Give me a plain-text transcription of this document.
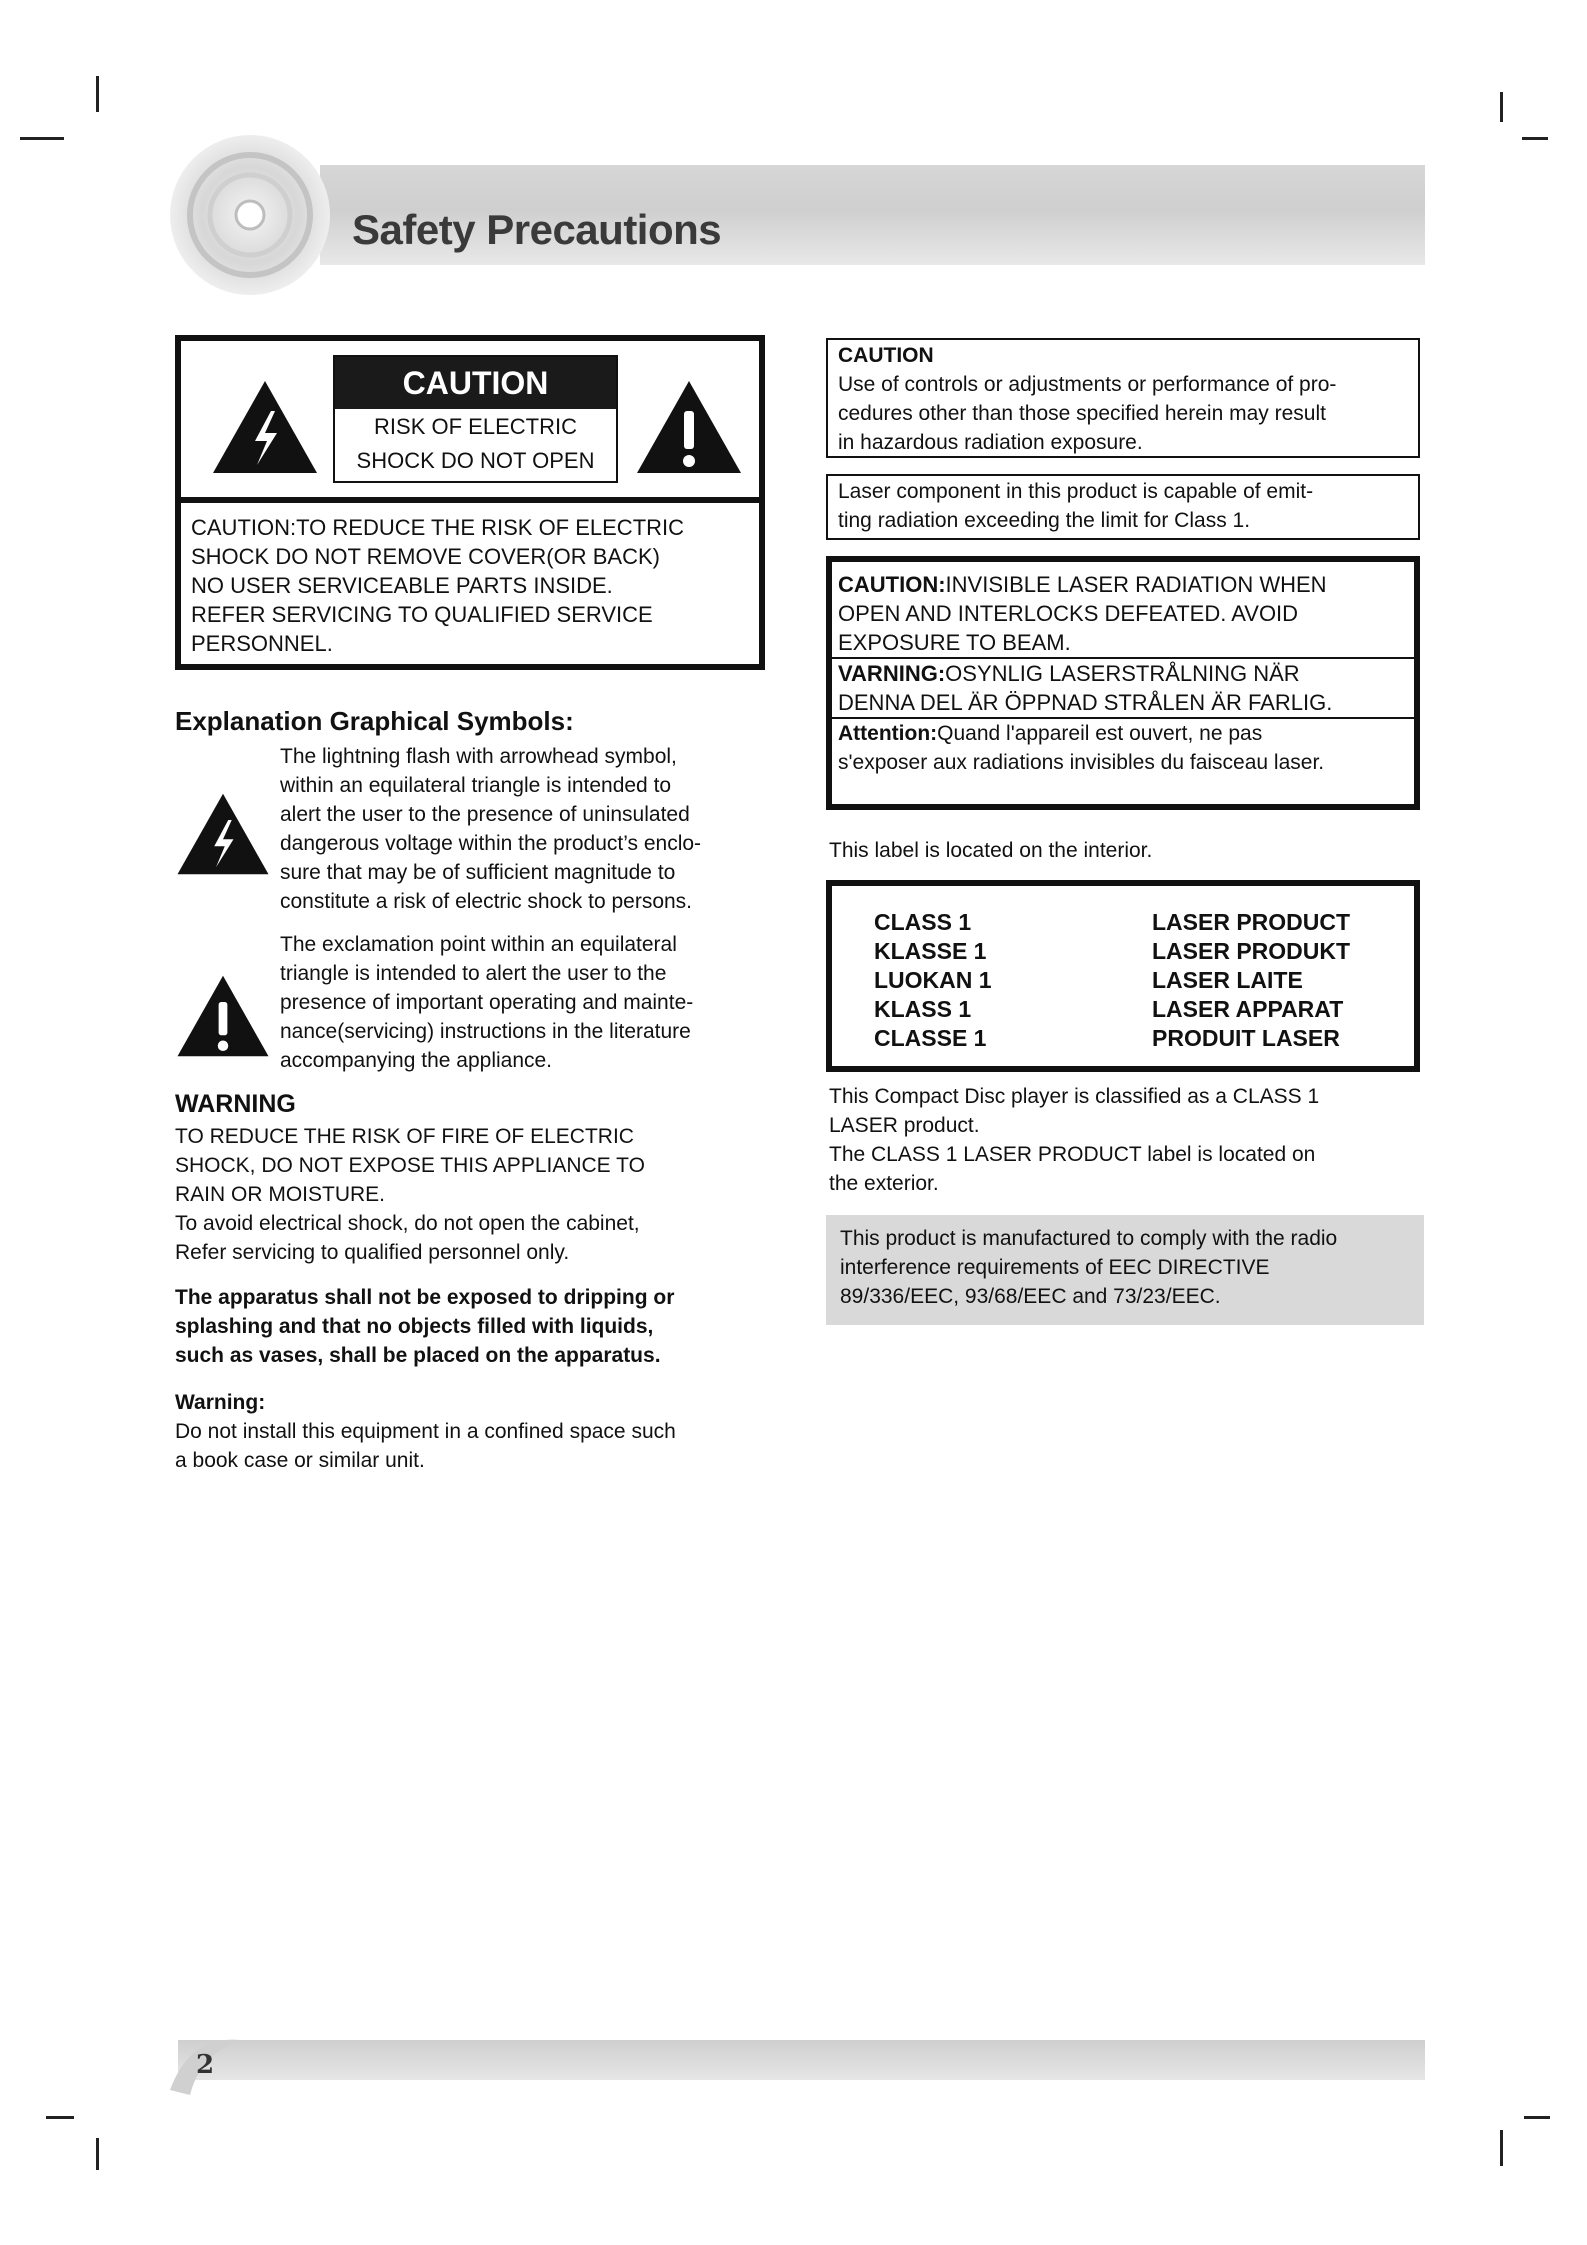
Safety Precautions
CAUTION
RISK OF ELECTRIC
SHOCK DO NOT OPEN
CAUTION:TO REDUCE THE RISK OF ELECTRIC
SHOCK DO NOT REMOVE COVER(OR BACK)
NO USER SERVICEABLE PARTS INSIDE.
REFER SERVICING TO QUALIFIED SERVICE
PERSONNEL.
Explanation Graphical Symbols:
The lightning flash with arrowhead symbol,
within an equilateral triangle is intended to
alert the user to the presence of uninsulated
dangerous voltage within the product’s enclo-
sure that may be of sufficient magnitude to
constitute a risk of electric shock to persons.
The exclamation point within an equilateral
triangle is intended to alert the user to the
presence of important operating and mainte-
nance(servicing) instructions in the literature
accompanying the appliance.
WARNING
TO REDUCE THE RISK OF FIRE OF ELECTRIC
SHOCK, DO NOT EXPOSE THIS APPLIANCE TO
RAIN OR MOISTURE.
To avoid electrical shock, do not open the cabinet,
Refer servicing to qualified personnel only.
The apparatus shall not be exposed to dripping or
splashing and that no objects filled with liquids,
such as vases, shall be placed on the apparatus.
Warning:
Do not install this equipment in a confined space such
a book case or similar unit.
CAUTION
Use of controls or adjustments or performance of pro-
cedures other than those specified herein may result
in hazardous radiation exposure.
Laser component in this product is capable of emit-
ting radiation exceeding the limit for Class 1.
CAUTION:INVISIBLE LASER RADIATION WHEN
OPEN AND INTERLOCKS DEFEATED. AVOID
EXPOSURE TO BEAM.
VARNING:OSYNLIG LASERSTRÅLNING NÄR
DENNA DEL ÄR ÖPPNAD STRÅLEN ÄR FARLIG.
Attention:Quand l'appareil est ouvert, ne pas
s'exposer aux radiations invisibles du faisceau laser.
This label is located on the interior.
CLASS 1	LASER PRODUCT
KLASSE 1	LASER PRODUKT
LUOKAN 1	LASER LAITE
KLASS 1	LASER APPARAT
CLASSE 1	PRODUIT LASER
This Compact Disc player is classified as a CLASS 1
LASER product.
The CLASS 1 LASER PRODUCT label is located on
the exterior.
This product is manufactured to comply with the radio
interference requirements of EEC DIRECTIVE
89/336/EEC, 93/68/EEC and 73/23/EEC.
2
